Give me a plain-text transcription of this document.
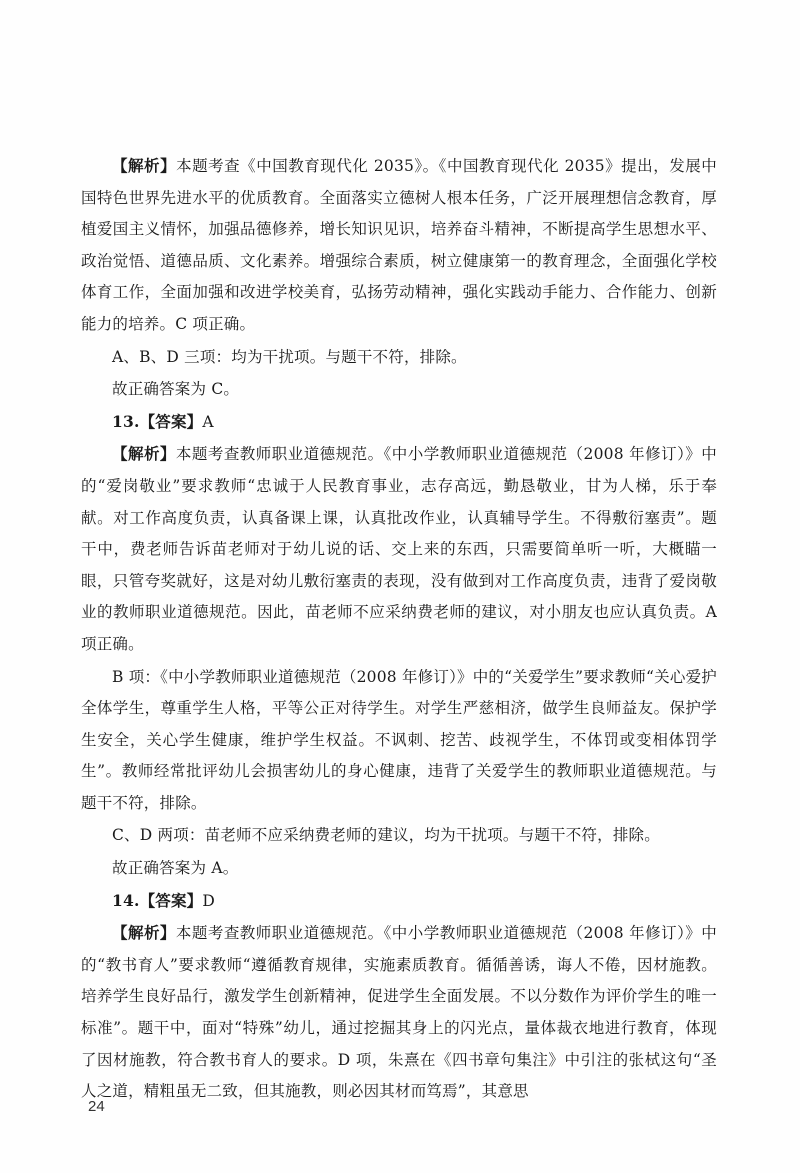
【解析】本题考查《中国教育现代化 2035》。《中国教育现代化 2035》提出，发展中国特色世界先进水平的优质教育。全面落实立德树人根本任务，广泛开展理想信念教育，厚植爱国主义情怀，加强品德修养，增长知识见识，培养奋斗精神，不断提高学生思想水平、政治觉悟、道德品质、文化素养。增强综合素质，树立健康第一的教育理念，全面强化学校体育工作，全面加强和改进学校美育，弘扬劳动精神，强化实践动手能力、合作能力、创新能力的培养。C 项正确。

A、B、D 三项：均为干扰项。与题干不符，排除。

故正确答案为 C。

13.【答案】A

【解析】本题考查教师职业道德规范。《中小学教师职业道德规范（2008 年修订）》中的“爱岗敬业”要求教师“忠诚于人民教育事业，志存高远，勤恳敬业，甘为人梯，乐于奉献。对工作高度负责，认真备课上课，认真批改作业，认真辅导学生。不得敷衍塞责”。题干中，费老师告诉苗老师对于幼儿说的话、交上来的东西，只需要简单听一听，大概瞄一眼，只管夸奖就好，这是对幼儿敷衍塞责的表现，没有做到对工作高度负责，违背了爱岗敬业的教师职业道德规范。因此，苗老师不应采纳费老师的建议，对小朋友也应认真负责。A 项正确。

B 项：《中小学教师职业道德规范（2008 年修订）》中的“关爱学生”要求教师“关心爱护全体学生，尊重学生人格，平等公正对待学生。对学生严慈相济，做学生良师益友。保护学生安全，关心学生健康，维护学生权益。不讽刺、挖苦、歧视学生，不体罚或变相体罚学生”。教师经常批评幼儿会损害幼儿的身心健康，违背了关爱学生的教师职业道德规范。与题干不符，排除。

C、D 两项：苗老师不应采纳费老师的建议，均为干扰项。与题干不符，排除。

故正确答案为 A。

14.【答案】D

【解析】本题考查教师职业道德规范。《中小学教师职业道德规范（2008 年修订）》中的“教书育人”要求教师“遵循教育规律，实施素质教育。循循善诱，诲人不倦，因材施教。培养学生良好品行，激发学生创新精神，促进学生全面发展。不以分数作为评价学生的唯一标准”。题干中，面对“特殊”幼儿，通过挖掘其身上的闪光点，量体裁衣地进行教育，体现了因材施教，符合教书育人的要求。D 项，朱熹在《四书章句集注》中引注的张栻这句“圣人之道，精粗虽无二致，但其施教，则必因其材而笃焉”，其意思

24
